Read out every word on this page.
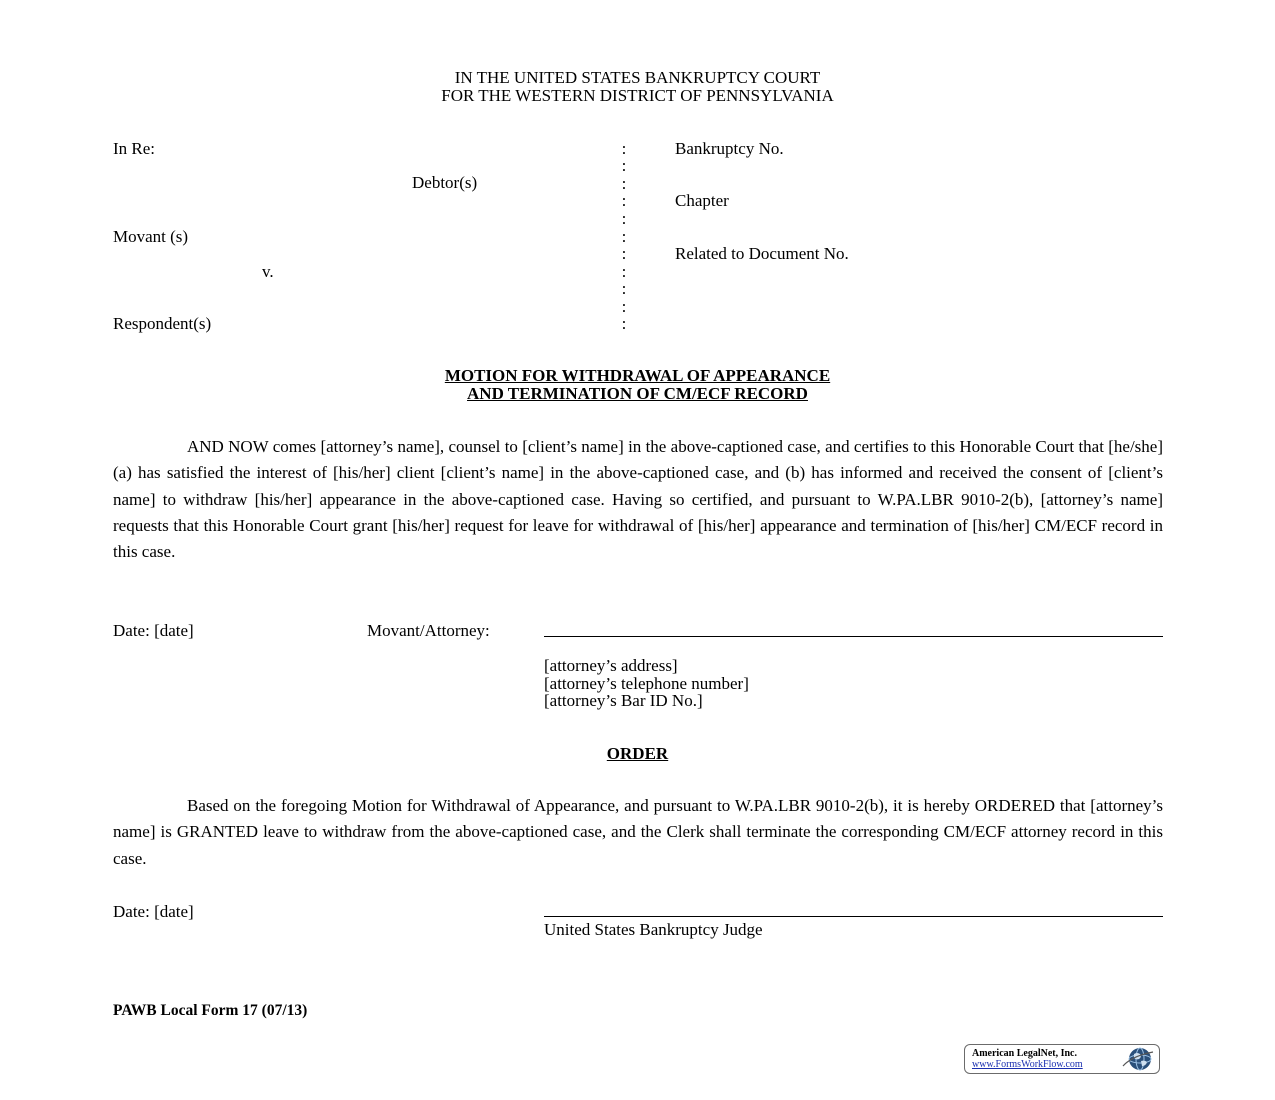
IN THE UNITED STATES BANKRUPTCY COURT
FOR THE WESTERN DISTRICT OF PENNSYLVANIA
In Re:
Debtor(s)
Movant (s)
v.
Respondent(s)
:
:
:
:
:
:
:
:
:
:
:
Bankruptcy No.
Chapter
Related to Document No.
MOTION FOR WITHDRAWAL OF APPEARANCE
AND TERMINATION OF CM/ECF RECORD
AND NOW comes [attorney’s name], counsel to [client’s name] in the above-captioned case, and certifies to this Honorable Court that [he/she] (a) has satisfied the interest of [his/her] client [client’s name] in the above-captioned case, and (b) has informed and received the consent of [client’s name] to withdraw [his/her] appearance in the above-captioned case. Having so certified, and pursuant to W.PA.LBR 9010-2(b), [attorney’s name] requests that this Honorable Court grant [his/her] request for leave for withdrawal of [his/her] appearance and termination of [his/her] CM/ECF record in this case.
Date: [date]	Movant/Attorney:
[attorney’s address]
[attorney’s telephone number]
[attorney’s Bar ID No.]
ORDER
Based on the foregoing Motion for Withdrawal of Appearance, and pursuant to W.PA.LBR 9010-2(b), it is hereby ORDERED that [attorney’s name] is GRANTED leave to withdraw from the above-captioned case, and the Clerk shall terminate the corresponding CM/ECF attorney record in this case.
Date: [date]
United States Bankruptcy Judge
PAWB Local Form 17 (07/13)
American LegalNet, Inc.
www.FormsWorkFlow.com
